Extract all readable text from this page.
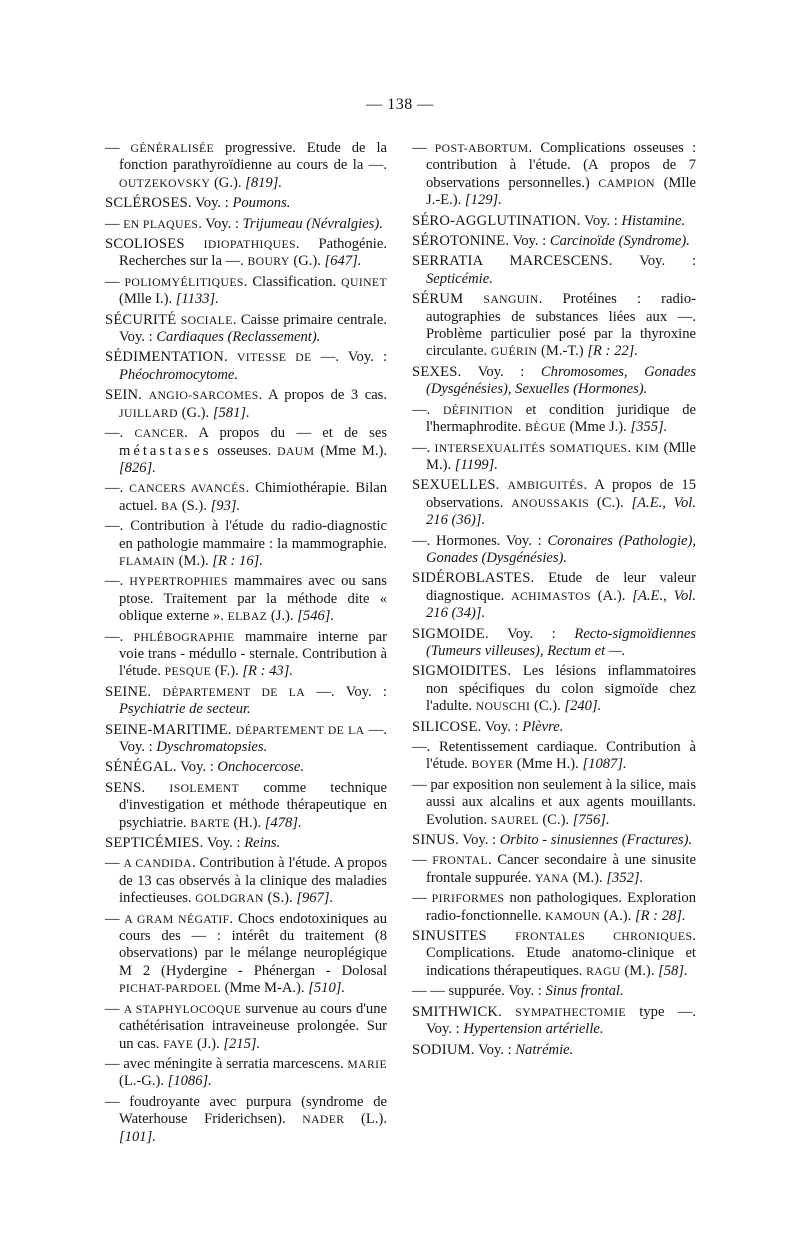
— 138 —

— GÉNÉRALISÉE progressive. Etude de la fonction parathyroïdienne au cours de la —. OUTZEKOVSKY (G.). [819].

SCLÉROSES. Voy. : Poumons.

— EN PLAQUES. Voy. : Trijumeau (Névralgies).

SCOLIOSES IDIOPATHIQUES. Pathogénie. Recherches sur la —. BOURY (G.). [647].

— POLIOMYÉLITIQUES. Classification. QUINET (Mlle I.). [1133].

SÉCURITÉ SOCIALE. Caisse primaire centrale. Voy. : Cardiaques (Reclassement).

SÉDIMENTATION. VITESSE DE —. Voy. : Phéochromocytome.

SEIN. ANGIO-SARCOMES. A propos de 3 cas. JUILLARD (G.). [581].

—. CANCER. A propos du — et de ses métastases osseuses. DAUM (Mme M.). [826].

—. CANCERS AVANCÉS. Chimiothérapie. Bilan actuel. BA (S.). [93].

—. Contribution à l'étude du radio-diagnostic en pathologie mammaire : la mammographie. FLAMAIN (M.). [R : 16].

—. HYPERTROPHIES mammaires avec ou sans ptose. Traitement par la méthode dite « oblique externe ». ELBAZ (J.). [546].

—. PHLÉBOGRAPHIE mammaire interne par voie trans - médullo - sternale. Contribution à l'étude. PESQUE (F.). [R : 43].

SEINE. DÉPARTEMENT DE LA —. Voy. : Psychiatrie de secteur.

SEINE-MARITIME. DÉPARTEMENT DE LA —. Voy. : Dyschromatopsies.

SÉNÉGAL. Voy. : Onchocercose.

SENS. ISOLEMENT comme technique d'investigation et méthode thérapeutique en psychiatrie. BARTE (H.). [478].

SEPTICÉMIES. Voy. : Reins.

— A CANDIDA. Contribution à l'étude. A propos de 13 cas observés à la clinique des maladies infectieuses. GOLDGRAN (S.). [967].

— A GRAM NÉGATIF. Chocs endotoxiniques au cours des — : intérêt du traitement (8 observations) par le mélange neuroplégique M 2 (Hydergine - Phénergan - Dolosal PICHAT-PARDOEL (Mme M-A.). [510].

— A STAPHYLOCOQUE survenue au cours d'une cathétérisation intraveineuse prolongée. Sur un cas. FAYE (J.). [215].

— avec méningite à serratia marcescens. MARIE (L.-G.). [1086].

— foudroyante avec purpura (syndrome de Waterhouse Friderichsen). NADER (L.). [101].

— POST-ABORTUM. Complications osseuses : contribution à l'étude. (A propos de 7 observations personnelles.) CAMPION (Mlle J.-E.). [129].

SÉRO-AGGLUTINATION. Voy. : Histamine.

SÉROTONINE. Voy. : Carcinoïde (Syndrome).

SERRATIA MARCESCENS. Voy. : Septicémie.

SÉRUM SANGUIN. Protéines : radio-autographies de substances liées aux —. Problème particulier posé par la thyroxine circulante. GUÉRIN (M.-T.) [R : 22].

SEXES. Voy. : Chromosomes, Gonades (Dysgénésies), Sexuelles (Hormones).

—. DÉFINITION et condition juridique de l'hermaphrodite. BÈGUE (Mme J.). [355].

—. INTERSEXUALITÉS SOMATIQUES. KIM (Mlle M.). [1199].

SEXUELLES. AMBIGUITÉS. A propos de 15 observations. ANOUSSAKIS (C.). [A.E., Vol. 216 (36)].

—. Hormones. Voy. : Coronaires (Pathologie), Gonades (Dysgénésies).

SIDÉROBLASTES. Etude de leur valeur diagnostique. ACHIMASTOS (A.). [A.E., Vol. 216 (34)].

SIGMOIDE. Voy. : Recto-sigmoïdiennes (Tumeurs villeuses), Rectum et —.

SIGMOIDITES. Les lésions inflammatoires non spécifiques du colon sigmoïde chez l'adulte. NOUSCHI (C.). [240].

SILICOSE. Voy. : Plèvre.

—. Retentissement cardiaque. Contribution à l'étude. BOYER (Mme H.). [1087].

— par exposition non seulement à la silice, mais aussi aux alcalins et aux agents mouillants. Evolution. SAUREL (C.). [756].

SINUS. Voy. : Orbito - sinusiennes (Fractures).

— FRONTAL. Cancer secondaire à une sinusite frontale suppurée. YANA (M.). [352].

— PIRIFORMES non pathologiques. Exploration radio-fonctionnelle. KAMOUN (A.). [R : 28].

SINUSITES FRONTALES CHRONIQUES. Complications. Etude anatomo-clinique et indications thérapeutiques. RAGU (M.). [58].

— — suppurée. Voy. : Sinus frontal.

SMITHWICK. SYMPATHECTOMIE type —. Voy. : Hypertension artérielle.

SODIUM. Voy. : Natrémie.
